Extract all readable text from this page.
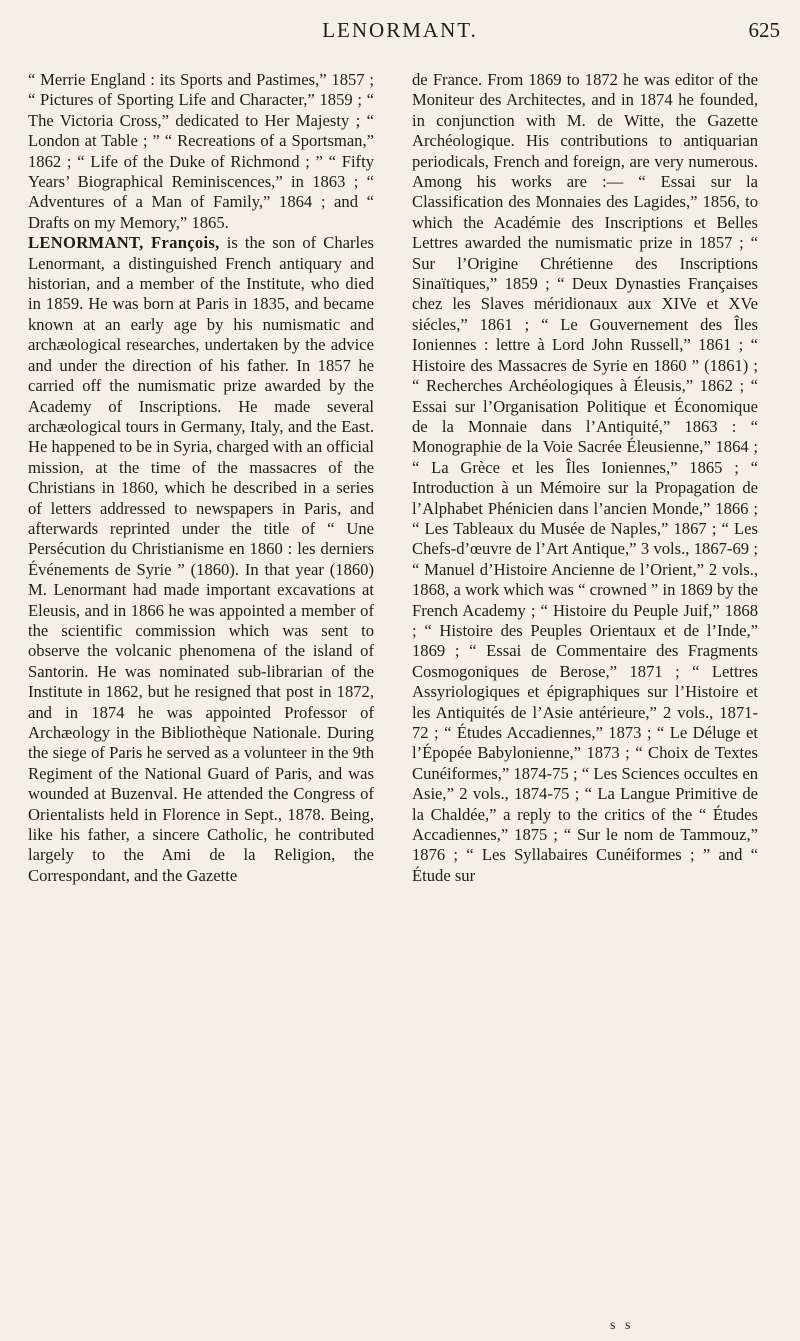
LENORMANT.	625

“ Merrie England : its Sports and Pastimes,” 1857 ; “ Pictures of Sporting Life and Character,” 1859 ; “ The Victoria Cross,” dedicated to Her Majesty ; “ London at Table ; ” “ Recreations of a Sportsman,” 1862 ; “ Life of the Duke of Richmond ; ” “ Fifty Years’ Biographical Reminiscences,” in 1863 ; “ Adventures of a Man of Family,” 1864 ; and “ Drafts on my Memory,” 1865.

LENORMANT, François, is the son of Charles Lenormant, a distinguished French antiquary and historian, and a member of the Institute, who died in 1859. He was born at Paris in 1835, and became known at an early age by his numismatic and archæological researches, undertaken by the advice and under the direction of his father. In 1857 he carried off the numismatic prize awarded by the Academy of Inscriptions. He made several archæological tours in Germany, Italy, and the East. He happened to be in Syria, charged with an official mission, at the time of the massacres of the Christians in 1860, which he described in a series of letters addressed to newspapers in Paris, and afterwards reprinted under the title of “ Une Persécution du Christianisme en 1860 : les derniers Événements de Syrie ” (1860). In that year (1860) M. Lenormant had made important excavations at Eleusis, and in 1866 he was appointed a member of the scientific commission which was sent to observe the volcanic phenomena of the island of Santorin. He was nominated sub-librarian of the Institute in 1862, but he resigned that post in 1872, and in 1874 he was appointed Professor of Archæology in the Bibliothèque Nationale. During the siege of Paris he served as a volunteer in the 9th Regiment of the National Guard of Paris, and was wounded at Buzenval. He attended the Congress of Orientalists held in Florence in Sept., 1878. Being, like his father, a sincere Catholic, he contributed largely to the Ami de la Religion, the Correspondant, and the Gazette

de France. From 1869 to 1872 he was editor of the Moniteur des Architectes, and in 1874 he founded, in conjunction with M. de Witte, the Gazette Archéologique. His contributions to antiquarian periodicals, French and foreign, are very numerous. Among his works are :— “ Essai sur la Classification des Monnaies des Lagides,” 1856, to which the Académie des Inscriptions et Belles Lettres awarded the numismatic prize in 1857 ; “ Sur l’Origine Chrétienne des Inscriptions Sinaïtiques,” 1859 ; “ Deux Dynasties Françaises chez les Slaves méridionaux aux XIVe et XVe siécles,” 1861 ; “ Le Gouvernement des Îles Ioniennes : lettre à Lord John Russell,” 1861 ; “ Histoire des Massacres de Syrie en 1860 ” (1861) ; “ Recherches Archéologiques à Éleusis,” 1862 ; “ Essai sur l’Organisation Politique et Économique de la Monnaie dans l’Antiquité,” 1863 : “ Monographie de la Voie Sacrée Éleusienne,” 1864 ; “ La Grèce et les Îles Ioniennes,” 1865 ; “ Introduction à un Mémoire sur la Propagation de l’Alphabet Phénicien dans l’ancien Monde,” 1866 ; “ Les Tableaux du Musée de Naples,” 1867 ; “ Les Chefs-d’œuvre de l’Art Antique,” 3 vols., 1867-69 ; “ Manuel d’Histoire Ancienne de l’Orient,” 2 vols., 1868, a work which was “ crowned ” in 1869 by the French Academy ; “ Histoire du Peuple Juif,” 1868 ; “ Histoire des Peuples Orientaux et de l’Inde,” 1869 ; “ Essai de Commentaire des Fragments Cosmogoniques de Berose,” 1871 ; “ Lettres Assyriologiques et épigraphiques sur l’Histoire et les Antiquités de l’Asie antérieure,” 2 vols., 1871-72 ; “ Études Accadiennes,” 1873 ; “ Le Déluge et l’Épopée Babylonienne,” 1873 ; “ Choix de Textes Cunéiformes,” 1874-75 ; “ Les Sciences occultes en Asie,” 2 vols., 1874-75 ; “ La Langue Primitive de la Chaldée,” a reply to the critics of the “ Études Accadiennes,” 1875 ; “ Sur le nom de Tammouz,” 1876 ; “ Les Syllabaires Cunéiformes ; ” and “ Étude sur

s s
